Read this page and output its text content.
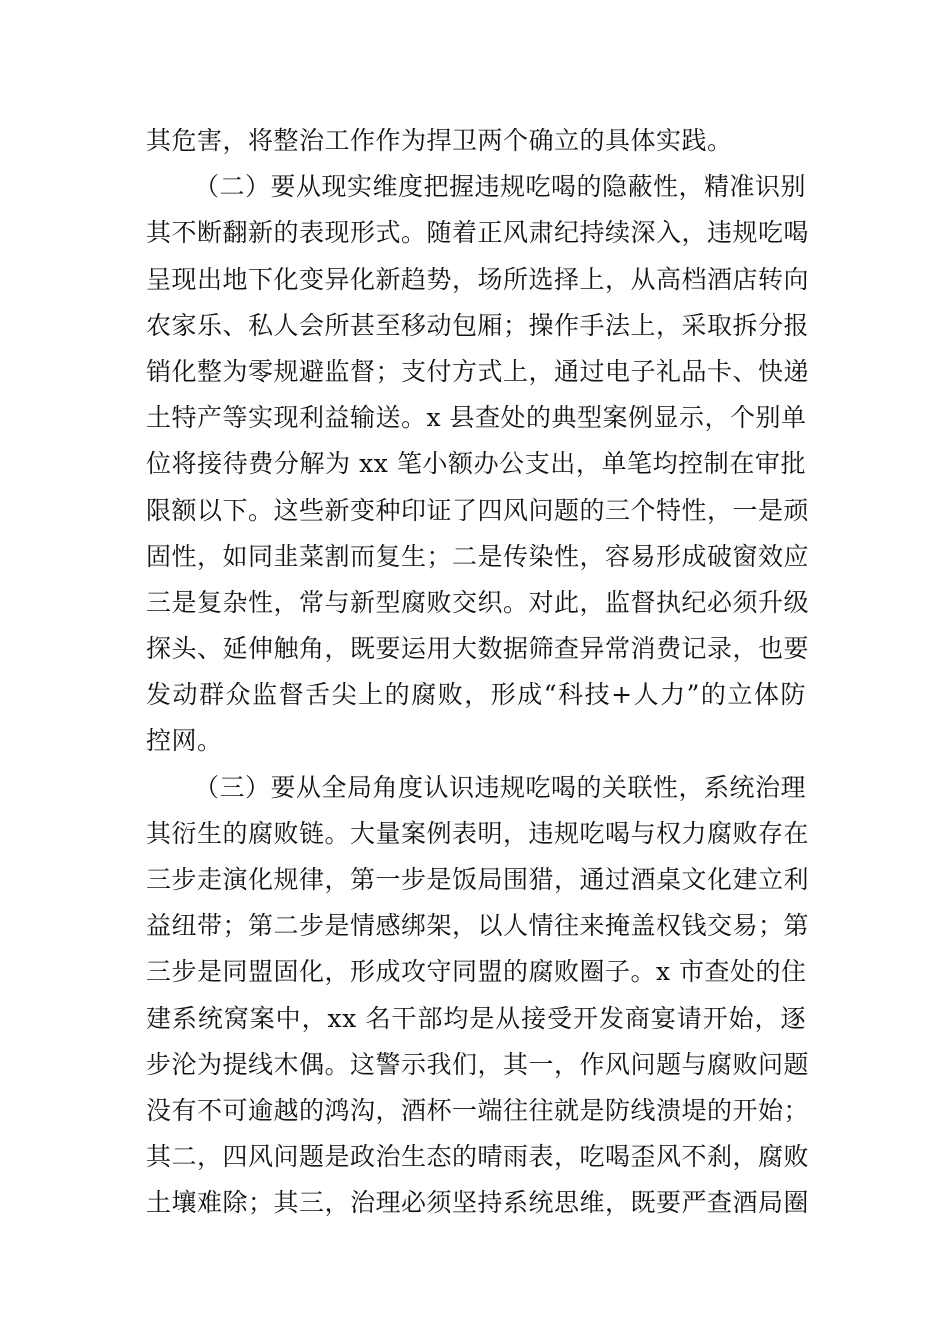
其危害，将整治工作作为捍卫两个确立的具体实践。
（二）要从现实维度把握违规吃喝的隐蔽性，精准识别
其不断翻新的表现形式。随着正风肃纪持续深入，违规吃喝
呈现出地下化变异化新趋势，场所选择上，从高档酒店转向
农家乐、私人会所甚至移动包厢；操作手法上，采取拆分报
销化整为零规避监督；支付方式上，通过电子礼品卡、快递
土特产等实现利益输送。x 县查处的典型案例显示，个别单
位将接待费分解为 xx 笔小额办公支出，单笔均控制在审批
限额以下。这些新变种印证了四风问题的三个特性，一是顽
固性，如同韭菜割而复生；二是传染性，容易形成破窗效应
三是复杂性，常与新型腐败交织。对此，监督执纪必须升级
探头、延伸触角，既要运用大数据筛查异常消费记录，也要
发动群众监督舌尖上的腐败，形成“科技+人力”的立体防
控网。
（三）要从全局角度认识违规吃喝的关联性，系统治理
其衍生的腐败链。大量案例表明，违规吃喝与权力腐败存在
三步走演化规律，第一步是饭局围猎，通过酒桌文化建立利
益纽带；第二步是情感绑架，以人情往来掩盖权钱交易；第
三步是同盟固化，形成攻守同盟的腐败圈子。x 市查处的住
建系统窝案中，xx 名干部均是从接受开发商宴请开始，逐
步沦为提线木偶。这警示我们，其一，作风问题与腐败问题
没有不可逾越的鸿沟，酒杯一端往往就是防线溃堤的开始；
其二，四风问题是政治生态的晴雨表，吃喝歪风不刹，腐败
土壤难除；其三，治理必须坚持系统思维，既要严查酒局圈
